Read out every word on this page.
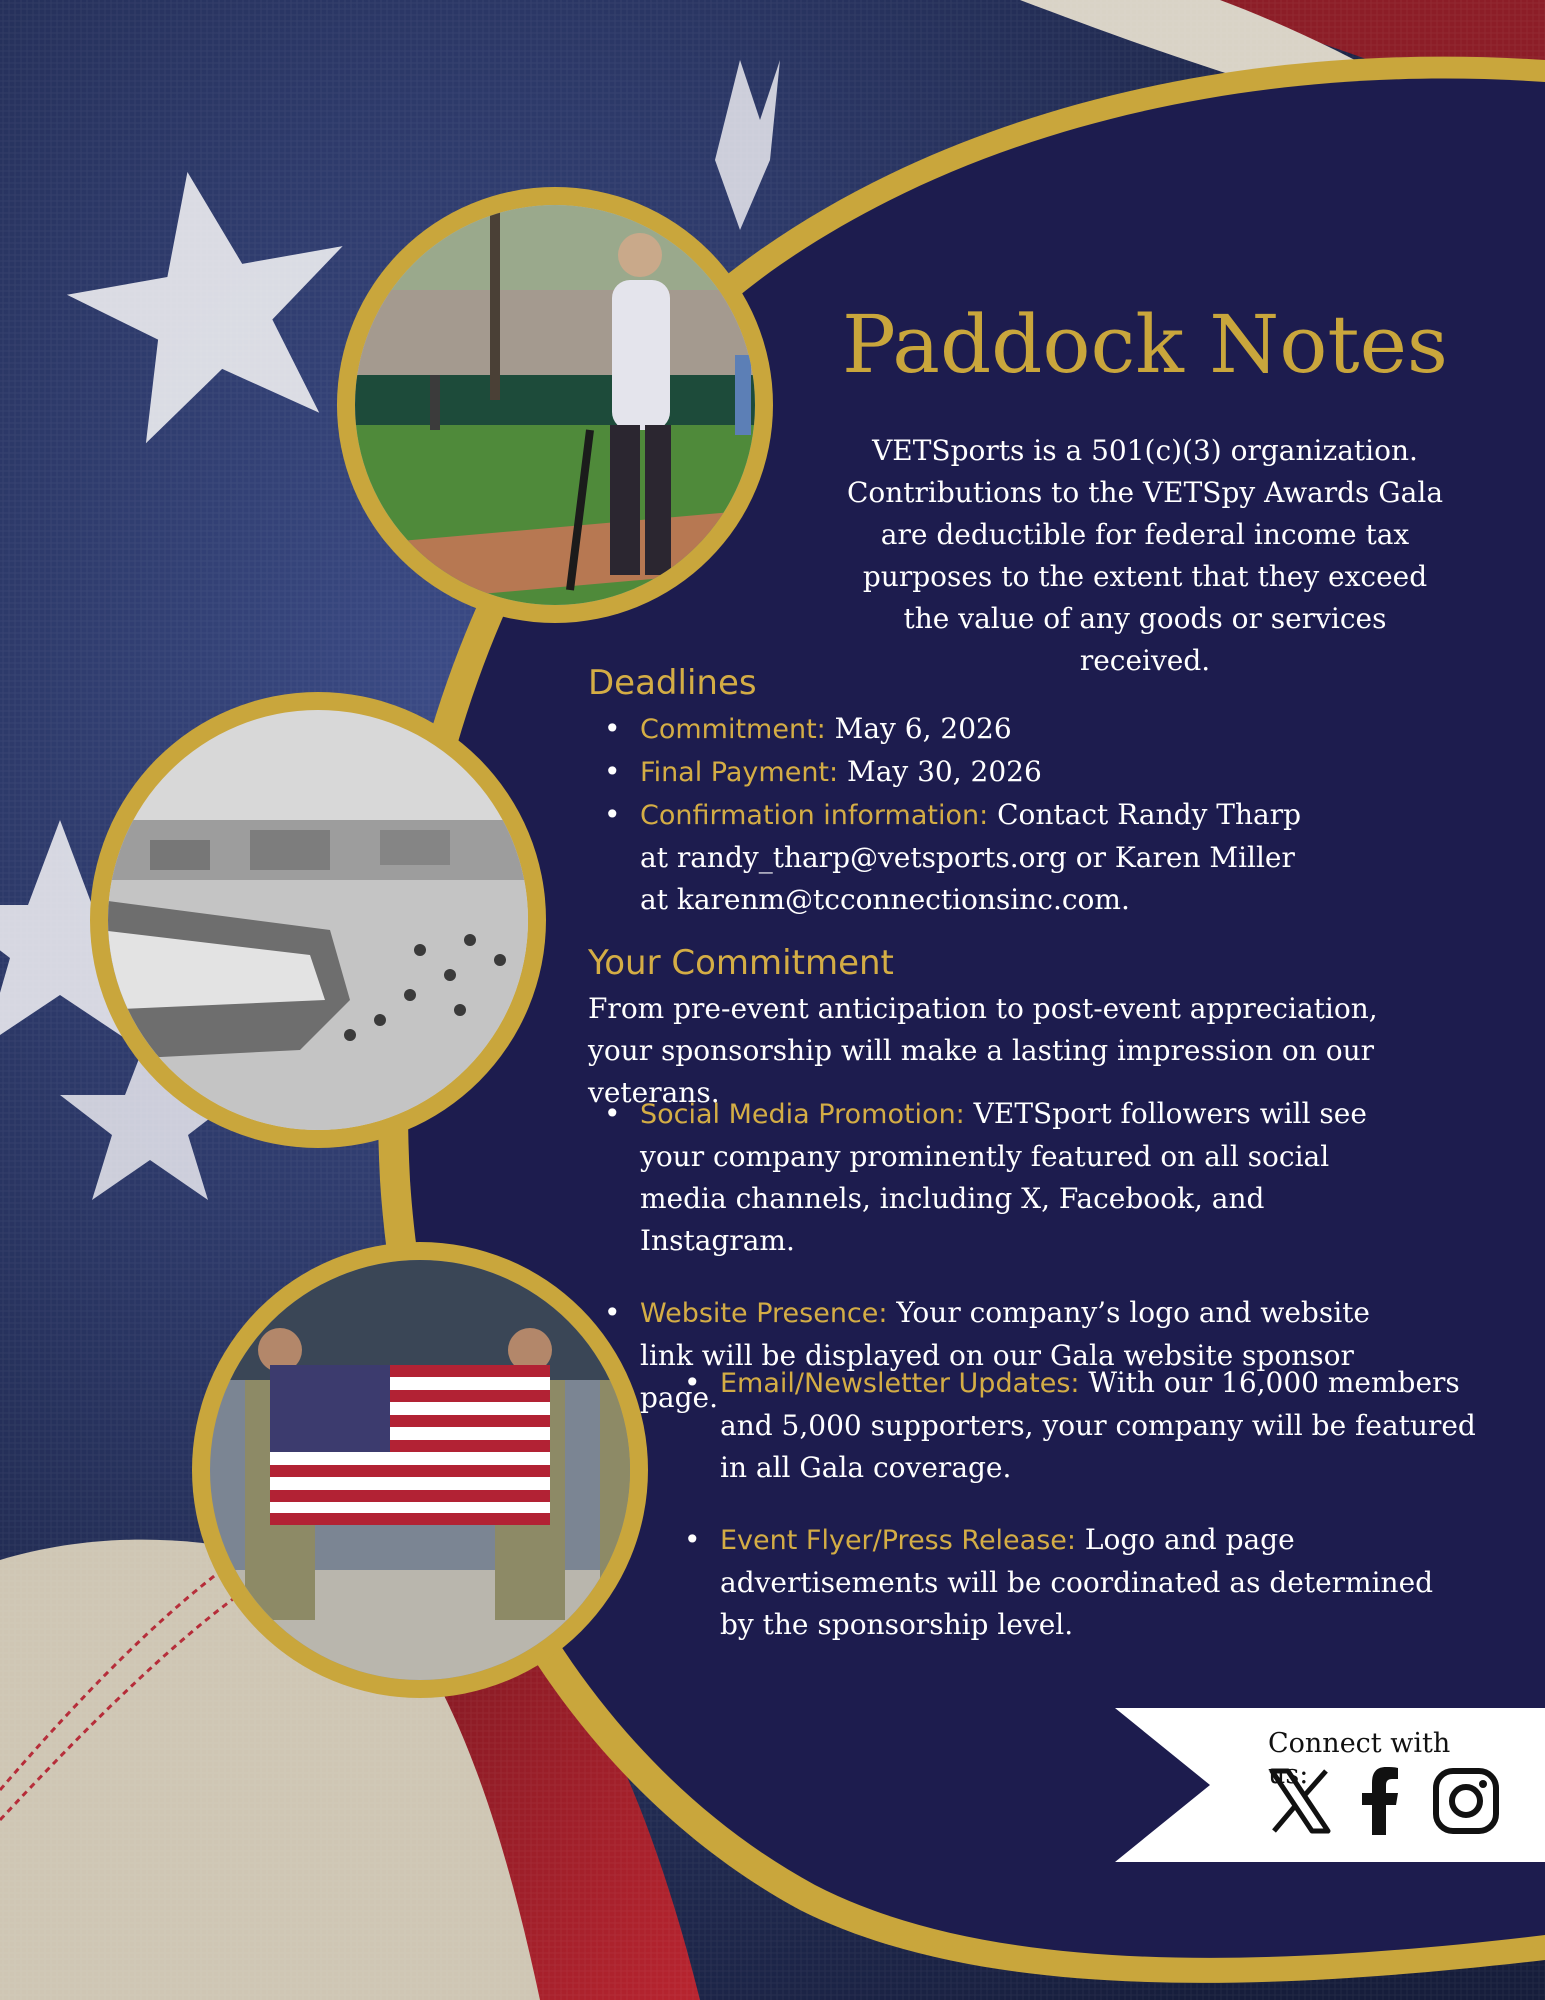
Paddock Notes
VETSports is a 501(c)(3) organization. Contributions to the VETSpy Awards Gala are deductible for federal income tax purposes to the extent that they exceed the value of any goods or services received.
Deadlines
• Commitment: May 6, 2026
• Final Payment: May 30, 2026
• Confirmation information: Contact Randy Tharp at randy_tharp@vetsports.org or Karen Miller at karenm@tcconnectionsinc.com.
Your Commitment
From pre-event anticipation to post-event appreciation, your sponsorship will make a lasting impression on our veterans.
• Social Media Promotion: VETSport followers will see your company prominently featured on all social media channels, including X, Facebook, and Instagram.
• Website Presence: Your company’s logo and website link will be displayed on our Gala website sponsor page.
• Email/Newsletter Updates: With our 16,000 members and 5,000 supporters, your company will be featured in all Gala coverage.
• Event Flyer/Press Release: Logo and page advertisements will be coordinated as determined by the sponsorship level.
Connect with us:
